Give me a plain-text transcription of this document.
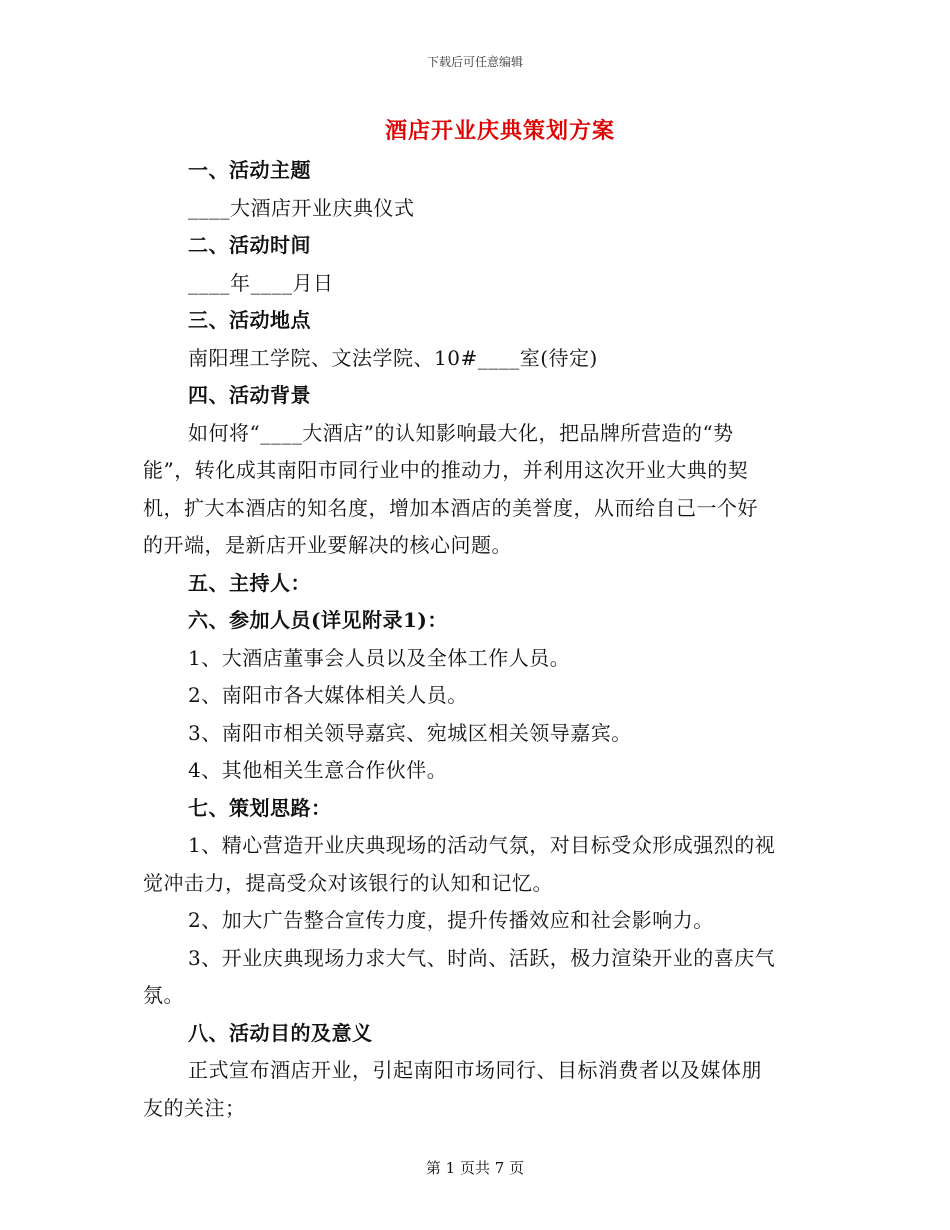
下载后可任意编辑
酒店开业庆典策划方案
一、活动主题
____大酒店开业庆典仪式
二、活动时间
____年____月日
三、活动地点
南阳理工学院、文法学院、10#____室(待定)
四、活动背景
如何将“____大酒店”的认知影响最大化，把品牌所营造的“势
能”，转化成其南阳市同行业中的推动力，并利用这次开业大典的契
机，扩大本酒店的知名度，增加本酒店的美誉度，从而给自己一个好
的开端，是新店开业要解决的核心问题。
五、主持人：
六、参加人员(详见附录1)：
1、大酒店董事会人员以及全体工作人员。
2、南阳市各大媒体相关人员。
3、南阳市相关领导嘉宾、宛城区相关领导嘉宾。
4、其他相关生意合作伙伴。
七、策划思路：
1、精心营造开业庆典现场的活动气氛，对目标受众形成强烈的视
觉冲击力，提高受众对该银行的认知和记忆。
2、加大广告整合宣传力度，提升传播效应和社会影响力。
3、开业庆典现场力求大气、时尚、活跃，极力渲染开业的喜庆气
氛。
八、活动目的及意义
正式宣布酒店开业，引起南阳市场同行、目标消费者以及媒体朋
友的关注；
第 1 页共 7 页
